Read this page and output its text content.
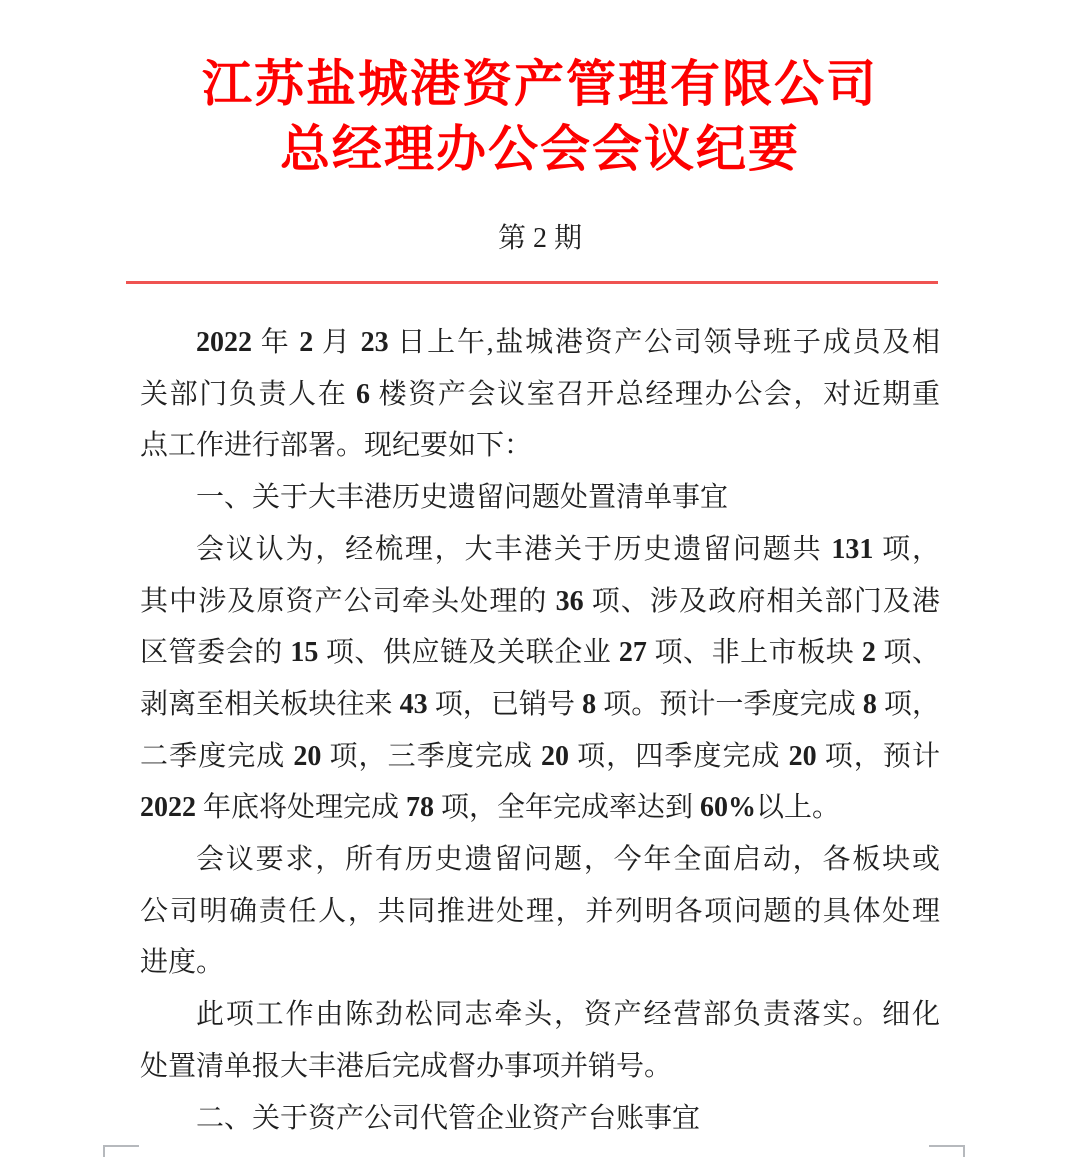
江苏盐城港资产管理有限公司
总经理办公会会议纪要
第 2 期
2022 年 2 月 23 日上午,盐城港资产公司领导班子成员及相
关部门负责人在 6 楼资产会议室召开总经理办公会，对近期重
点工作进行部署。现纪要如下：
一、关于大丰港历史遗留问题处置清单事宜
会议认为，经梳理，大丰港关于历史遗留问题共 131 项，
其中涉及原资产公司牵头处理的 36 项、涉及政府相关部门及港
区管委会的 15 项、供应链及关联企业 27 项、非上市板块 2 项、
剥离至相关板块往来 43 项，已销号 8 项。预计一季度完成 8 项，
二季度完成 20 项，三季度完成 20 项，四季度完成 20 项，预计
2022 年底将处理完成 78 项，全年完成率达到 60%以上。
会议要求，所有历史遗留问题，今年全面启动，各板块或
公司明确责任人，共同推进处理，并列明各项问题的具体处理
进度。
此项工作由陈劲松同志牵头，资产经营部负责落实。细化
处置清单报大丰港后完成督办事项并销号。
二、关于资产公司代管企业资产台账事宜
